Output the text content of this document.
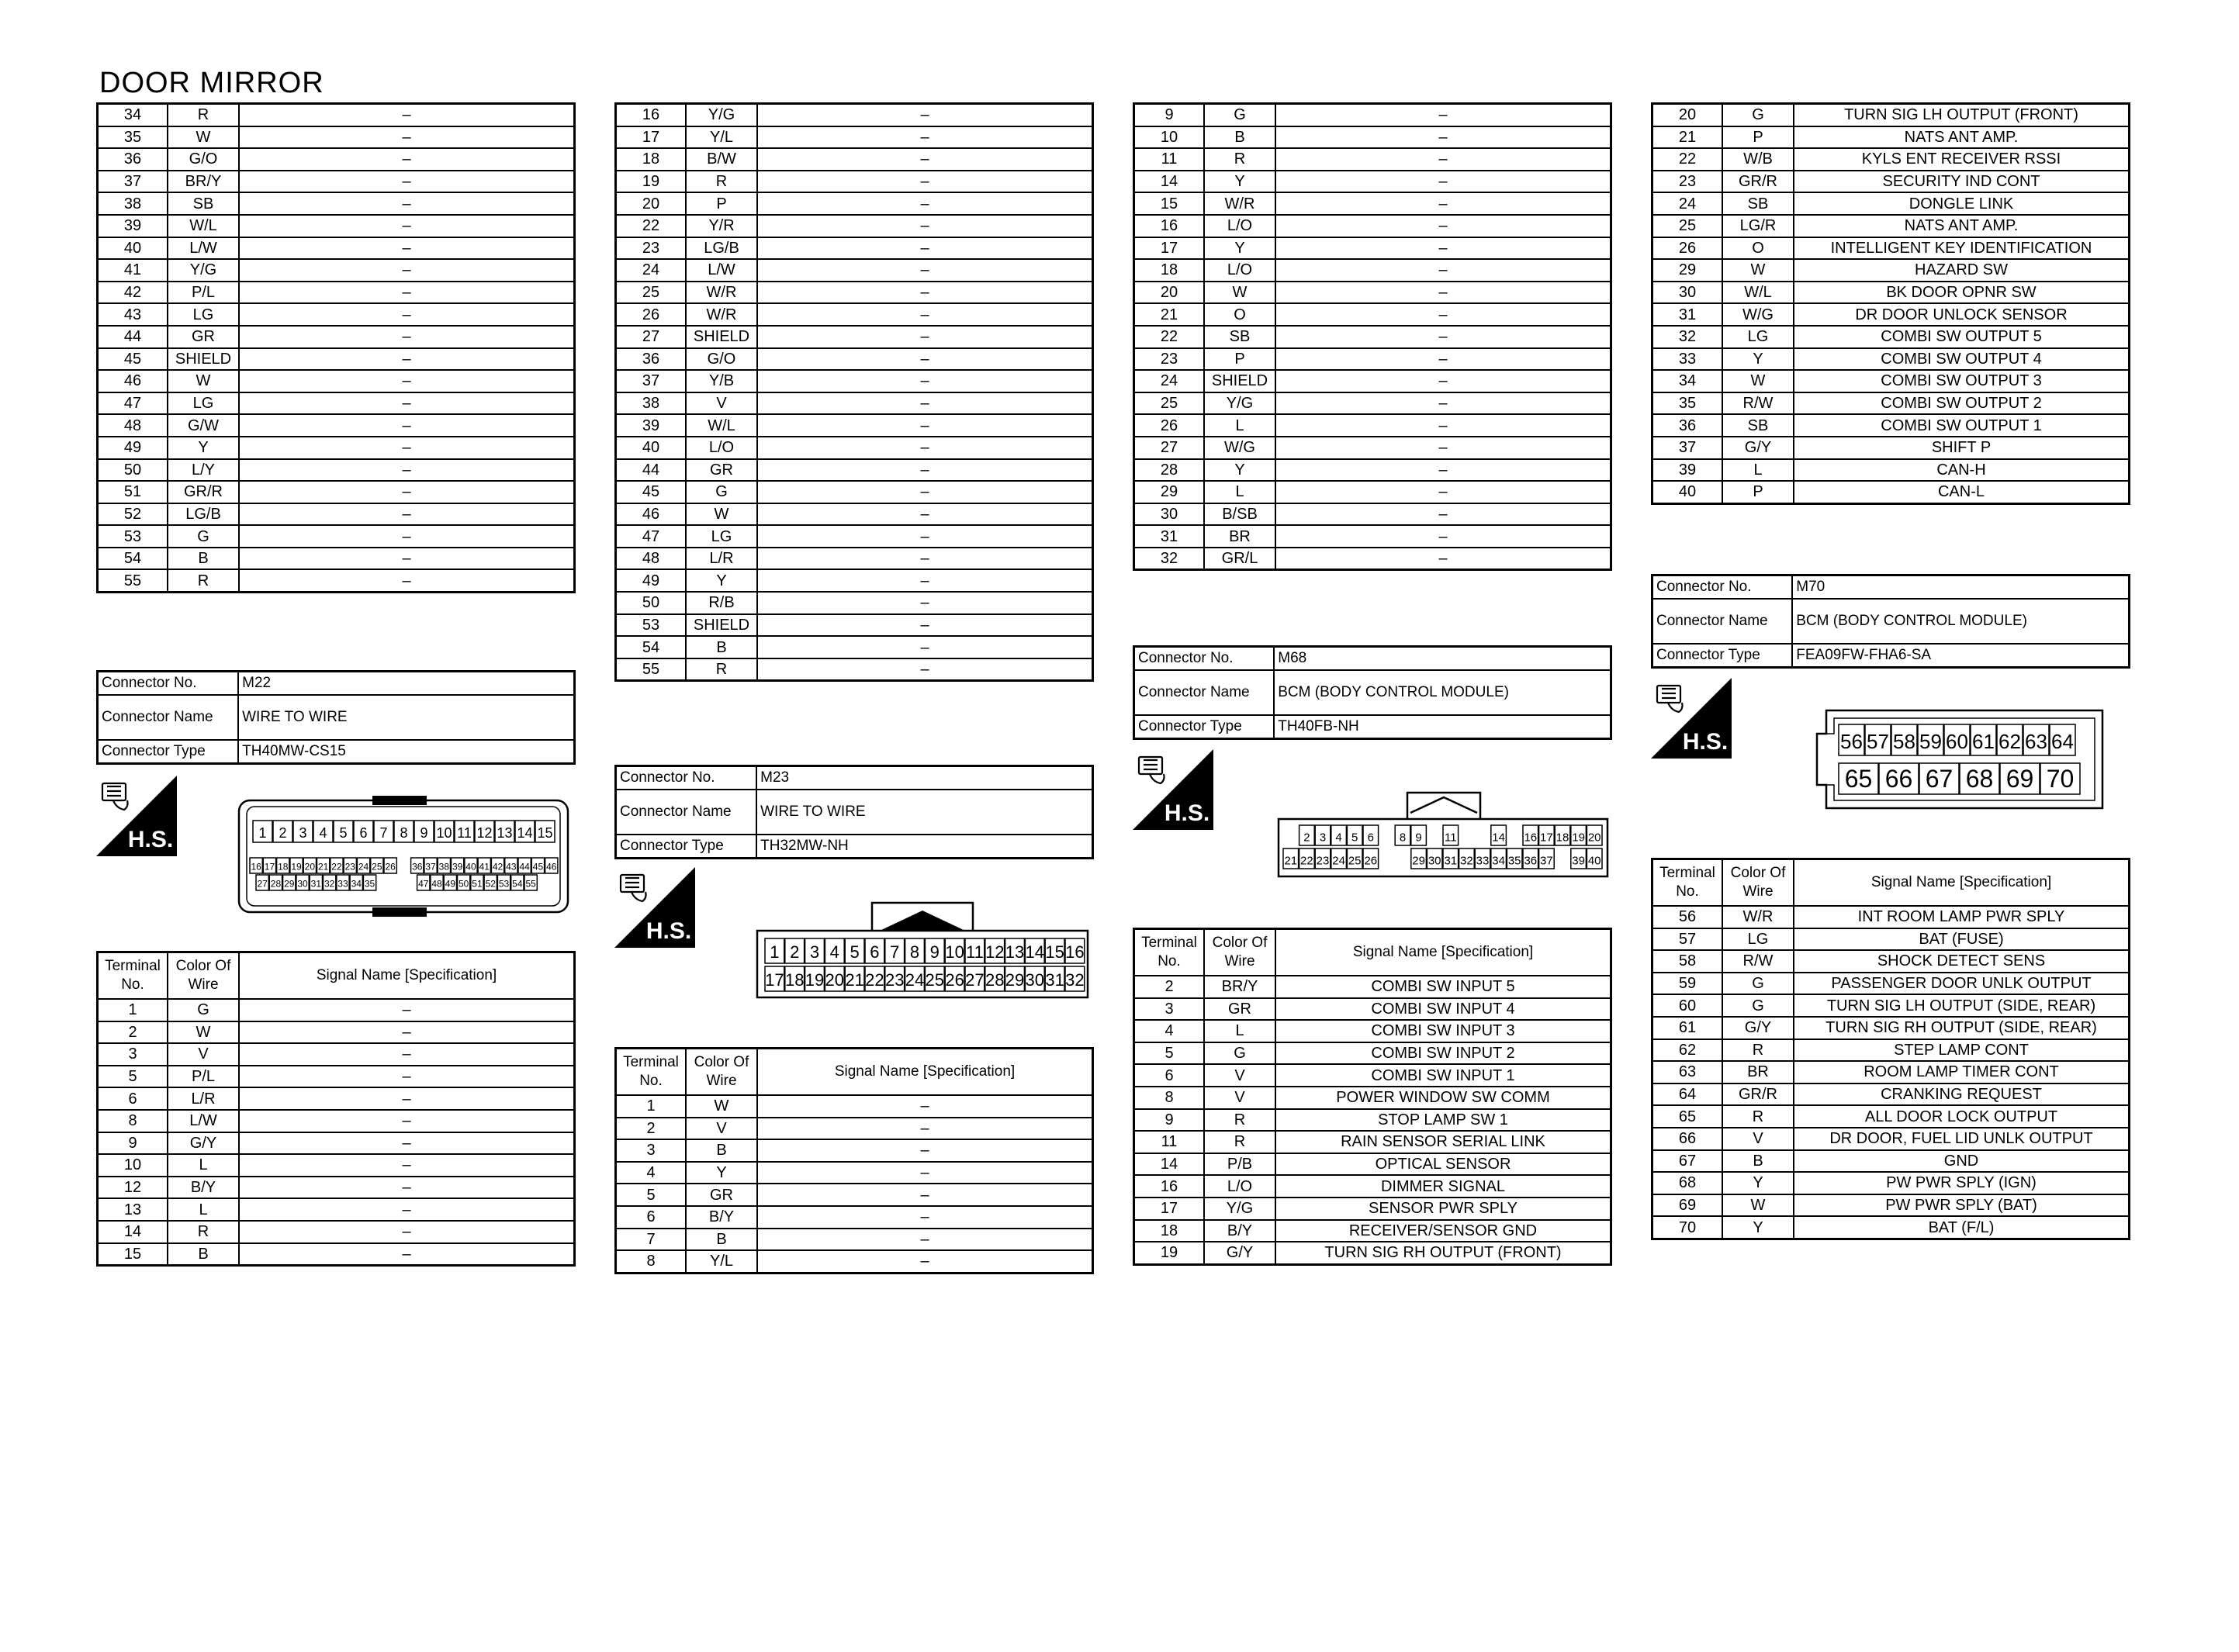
DOOR MIRROR
34	R	–
35	W	–
36	G/O	–
37	BR/Y	–
38	SB	–
39	W/L	–
40	L/W	–
41	Y/G	–
42	P/L	–
43	LG	–
44	GR	–
45	SHIELD	–
46	W	–
47	LG	–
48	G/W	–
49	Y	–
50	L/Y	–
51	GR/R	–
52	LG/B	–
53	G	–
54	B	–
55	R	–
Connector No.	M22
Connector Name	WIRE TO WIRE
Connector Type	TH40MW-CS15
H.S.	1 2 3 4 5 6 7 8 9 10 11 12 13 14 15
16 17 18 19 20 21 22 23 24 25 26 36 37 38 39 40 41 42 43 44 45 46
27 28 29 30 31 32 33 34 35	47 48 49 50 51 52 53 54 55
Terminal No.	Color Of Wire	Signal Name [Specification]
1	G	–
2	W	–
3	V	–
5	P/L	–
6	L/R	–
8	L/W	–
9	G/Y	–
10	L	–
12	B/Y	–
13	L	–
14	R	–
15	B	–
16	Y/G	–
17	Y/L	–
18	B/W	–
19	R	–
20	P	–
22	Y/R	–
23	LG/B	–
24	L/W	–
25	W/R	–
26	W/R	–
27	SHIELD	–
36	G/O	–
37	Y/B	–
38	V	–
39	W/L	–
40	L/O	–
44	GR	–
45	G	–
46	W	–
47	LG	–
48	L/R	–
49	Y	–
50	R/B	–
53	SHIELD	–
54	B	–
55	R	–
Connector No.	M23
Connector Name	WIRE TO WIRE
Connector Type	TH32MW-NH
H.S.
1 2 3 4 5 6 7 8 9 10 11 12 13 14 15 16
17 18 19 20 21 22 23 24 25 26 27 28 29 30 31 32
Terminal No.	Color Of Wire	Signal Name [Specification]
1	W	–
2	V	–
3	B	–
4	Y	–
5	GR	–
6	B/Y	–
7	B	–
8	Y/L	–
9	G	–
10	B	–
11	R	–
14	Y	–
15	W/R	–
16	L/O	–
17	Y	–
18	L/O	–
20	W	–
21	O	–
22	SB	–
23	P	–
24	SHIELD	–
25	Y/G	–
26	L	–
27	W/G	–
28	Y	–
29	L	–
30	B/SB	–
31	BR	–
32	GR/L	–
Connector No.	M68
Connector Name	BCM (BODY CONTROL MODULE)
Connector Type	TH40FB-NH
H.S.
2 3 4 5 6 8 9 11	14 16 17 18 19 20
21 22 23 24 25 26	29 30 31 32 33 34 35 36 37 39 40
Terminal No.	Color Of Wire	Signal Name [Specification]
2	BR/Y	COMBI SW INPUT 5
3	GR	COMBI SW INPUT 4
4	L	COMBI SW INPUT 3
5	G	COMBI SW INPUT 2
6	V	COMBI SW INPUT 1
8	V	POWER WINDOW SW COMM
9	R	STOP LAMP SW 1
11	R	RAIN SENSOR SERIAL LINK
14	P/B	OPTICAL SENSOR
16	L/O	DIMMER SIGNAL
17	Y/G	SENSOR PWR SPLY
18	B/Y	RECEIVER/SENSOR GND
19	G/Y	TURN SIG RH OUTPUT (FRONT)
20	G	TURN SIG LH OUTPUT (FRONT)
21	P	NATS ANT AMP.
22	W/B	KYLS ENT RECEIVER RSSI
23	GR/R	SECURITY IND CONT
24	SB	DONGLE LINK
25	LG/R	NATS ANT AMP.
26	O	INTELLIGENT KEY IDENTIFICATION
29	W	HAZARD SW
30	W/L	BK DOOR OPNR SW
31	W/G	DR DOOR UNLOCK SENSOR
32	LG	COMBI SW OUTPUT 5
33	Y	COMBI SW OUTPUT 4
34	W	COMBI SW OUTPUT 3
35	R/W	COMBI SW OUTPUT 2
36	SB	COMBI SW OUTPUT 1
37	G/Y	SHIFT P
39	L	CAN-H
40	P	CAN-L
Connector No.	M70
Connector Name	BCM (BODY CONTROL MODULE)
Connector Type	FEA09FW-FHA6-SA
H.S.	56 57 58 59 60 61 62 63 64
65 66 67 68 69 70
Terminal No.	Color Of Wire	Signal Name [Specification]
56	W/R	INT ROOM LAMP PWR SPLY
57	LG	BAT (FUSE)
58	R/W	SHOCK DETECT SENS
59	G	PASSENGER DOOR UNLK OUTPUT
60	G	TURN SIG LH OUTPUT (SIDE, REAR)
61	G/Y	TURN SIG RH OUTPUT (SIDE, REAR)
62	R	STEP LAMP CONT
63	BR	ROOM LAMP TIMER CONT
64	GR/R	CRANKING REQUEST
65	R	ALL DOOR LOCK OUTPUT
66	V	DR DOOR, FUEL LID UNLK OUTPUT
67	B	GND
68	Y	PW PWR SPLY (IGN)
69	W	PW PWR SPLY (BAT)
70	Y	BAT (F/L)
